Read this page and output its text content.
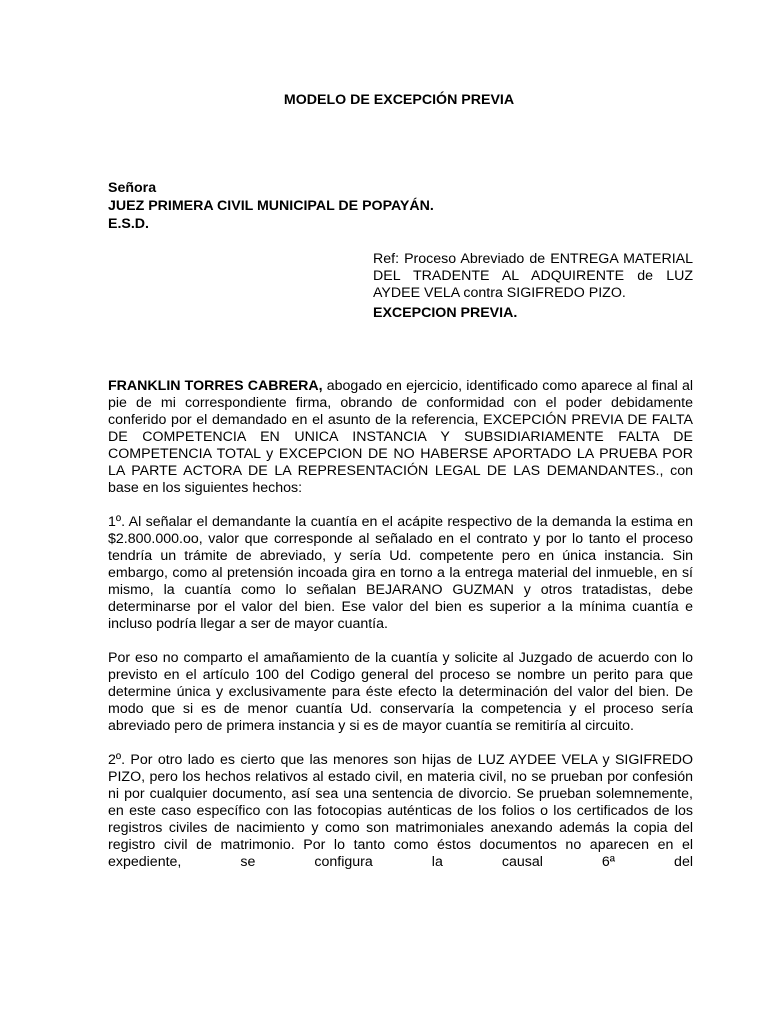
MODELO DE EXCEPCIÓN PREVIA
Señora
JUEZ PRIMERA CIVIL MUNICIPAL DE POPAYÁN.
E.S.D.
Ref: Proceso Abreviado de ENTREGA MATERIAL DEL TRADENTE AL ADQUIRENTE de LUZ AYDEE VELA contra SIGIFREDO PIZO.
EXCEPCION PREVIA.

FRANKLIN TORRES CABRERA, abogado en ejercicio, identificado como aparece al final al pie de mi correspondiente firma, obrando de conformidad con el poder debidamente conferido por el demandado en el asunto de la referencia, EXCEPCIÓN PREVIA DE FALTA DE COMPETENCIA EN UNICA INSTANCIA Y SUBSIDIARIAMENTE FALTA DE COMPETENCIA TOTAL y EXCEPCION DE NO HABERSE APORTADO LA PRUEBA POR LA PARTE ACTORA DE LA REPRESENTACIÓN LEGAL DE LAS DEMANDANTES., con base en los siguientes hechos:

1º. Al señalar el demandante la cuantía en el acápite respectivo de la demanda la estima en $2.800.000.oo, valor que corresponde al señalado en el contrato y por lo tanto el proceso tendría un trámite de abreviado, y sería Ud. competente pero en única instancia. Sin embargo, como al pretensión incoada gira en torno a la entrega material del inmueble, en sí mismo, la cuantía como lo señalan BEJARANO GUZMAN y otros tratadistas, debe determinarse por el valor del bien. Ese valor del bien es superior a la mínima cuantía e incluso podría llegar a ser de mayor cuantía.

Por eso no comparto el amañamiento de la cuantía y solicite al Juzgado de acuerdo con lo previsto en el artículo 100 del Codigo general del proceso se nombre un perito para que determine única y exclusivamente para éste efecto la determinación del valor del bien. De modo que si es de menor cuantía Ud. conservaría la competencia y el proceso sería abreviado pero de primera instancia y si es de mayor cuantía se remitiría al circuito.

2º. Por otro lado es cierto que las menores son hijas de LUZ AYDEE VELA y SIGIFREDO PIZO, pero los hechos relativos al estado civil, en materia civil, no se prueban por confesión ni por cualquier documento, así sea una sentencia de divorcio. Se prueban solemnemente, en este caso específico con las fotocopias auténticas de los folios o los certificados de los registros civiles de nacimiento y como son matrimoniales anexando además la copia del registro civil de matrimonio. Por lo tanto como éstos documentos no aparecen en el expediente, se configura la causal 6ª del
